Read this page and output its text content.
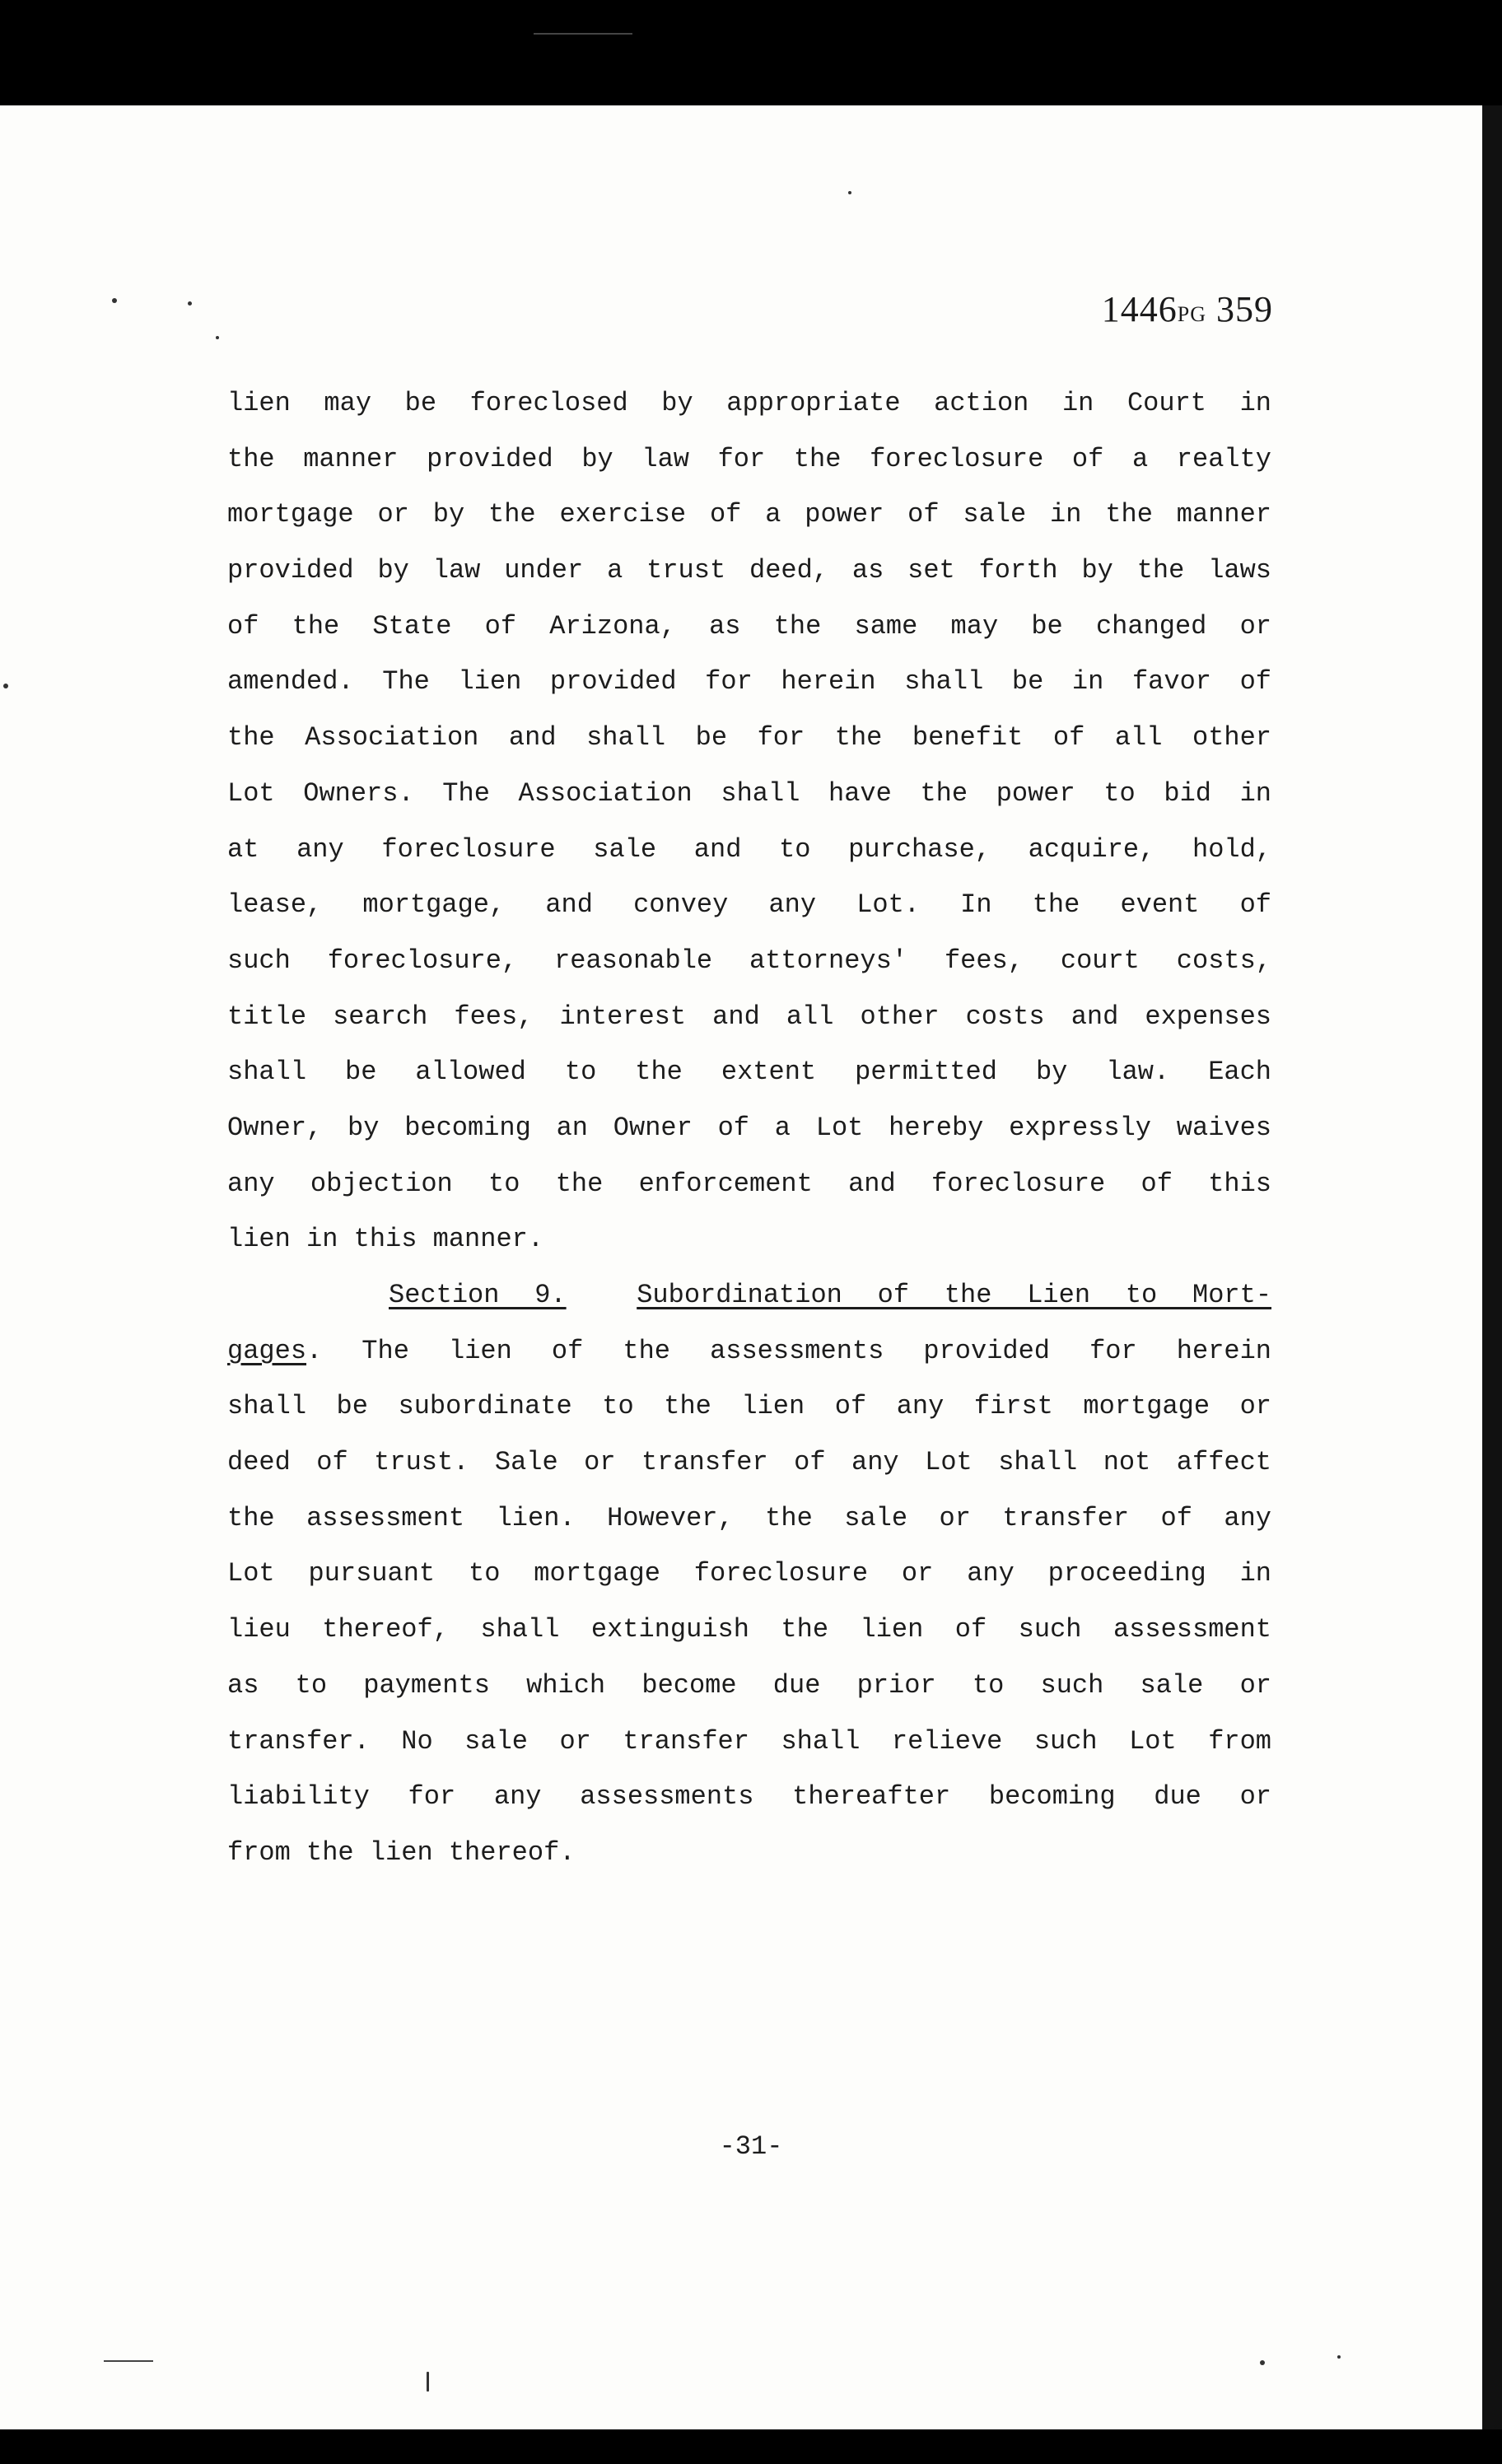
1446PG 359
lien may be foreclosed by appropriate action in Court in
the manner provided by law for the foreclosure of a realty
mortgage or by the exercise of a power of sale in the manner
provided by law under a trust deed, as set forth by the laws
of the State of Arizona, as the same may be changed or
amended. The lien provided for herein shall be in favor of
the Association and shall be for the benefit of all other
Lot Owners. The Association shall have the power to bid in
at any foreclosure sale and to purchase, acquire, hold,
lease, mortgage, and convey any Lot. In the event of
such foreclosure, reasonable attorneys' fees, court costs,
title search fees, interest and all other costs and expenses
shall be allowed to the extent permitted by law. Each
Owner, by becoming an Owner of a Lot hereby expressly waives
any objection to the enforcement and foreclosure of this
lien in this manner.
Section 9.	Subordination of the Lien to Mort-
gages. The lien of the assessments provided for herein
shall be subordinate to the lien of any first mortgage or
deed of trust. Sale or transfer of any Lot shall not affect
the assessment lien. However, the sale or transfer of any
Lot pursuant to mortgage foreclosure or any proceeding in
lieu thereof, shall extinguish the lien of such assessment
as to payments which become due prior to such sale or
transfer. No sale or transfer shall relieve such Lot from
liability for any assessments thereafter becoming due or
from the lien thereof.
-31-
